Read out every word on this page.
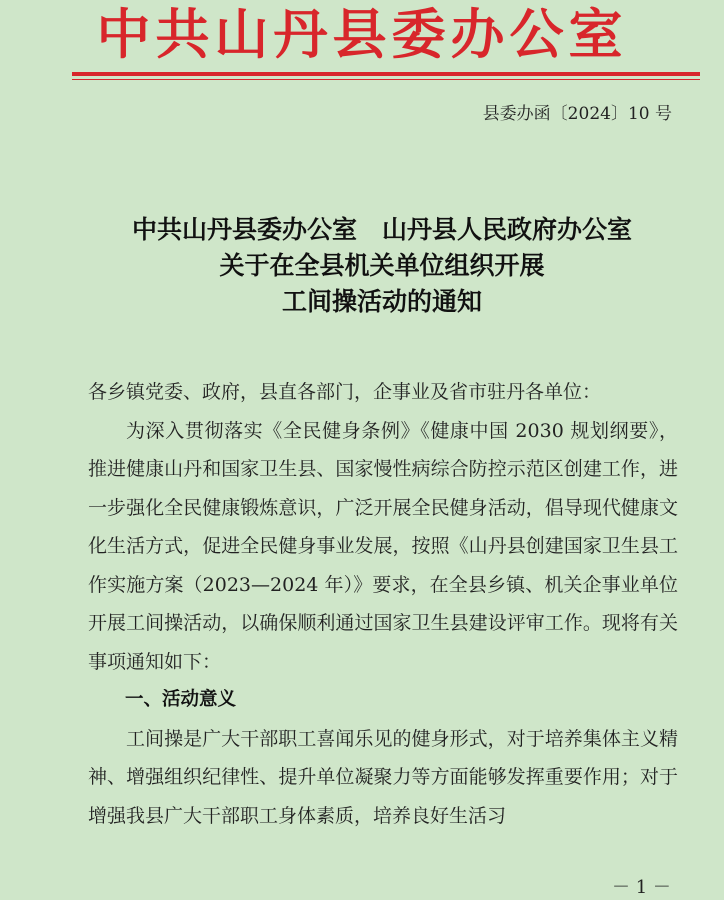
中共山丹县委办公室
县委办函〔2024〕10 号
中共山丹县委办公室　山丹县人民政府办公室
关于在全县机关单位组织开展
工间操活动的通知
各乡镇党委、政府，县直各部门，企事业及省市驻丹各单位：

为深入贯彻落实《全民健身条例》《健康中国 2030 规划纲要》，推进健康山丹和国家卫生县、国家慢性病综合防控示范区创建工作，进一步强化全民健康锻炼意识，广泛开展全民健身活动，倡导现代健康文化生活方式，促进全民健身事业发展，按照《山丹县创建国家卫生县工作实施方案（2023—2024 年）》要求，在全县乡镇、机关企事业单位开展工间操活动，以确保顺利通过国家卫生县建设评审工作。现将有关事项通知如下：

一、活动意义

工间操是广大干部职工喜闻乐见的健身形式，对于培养集体主义精神、增强组织纪律性、提升单位凝聚力等方面能够发挥重要作用；对于增强我县广大干部职工身体素质，培养良好生活习

－ 1 －
